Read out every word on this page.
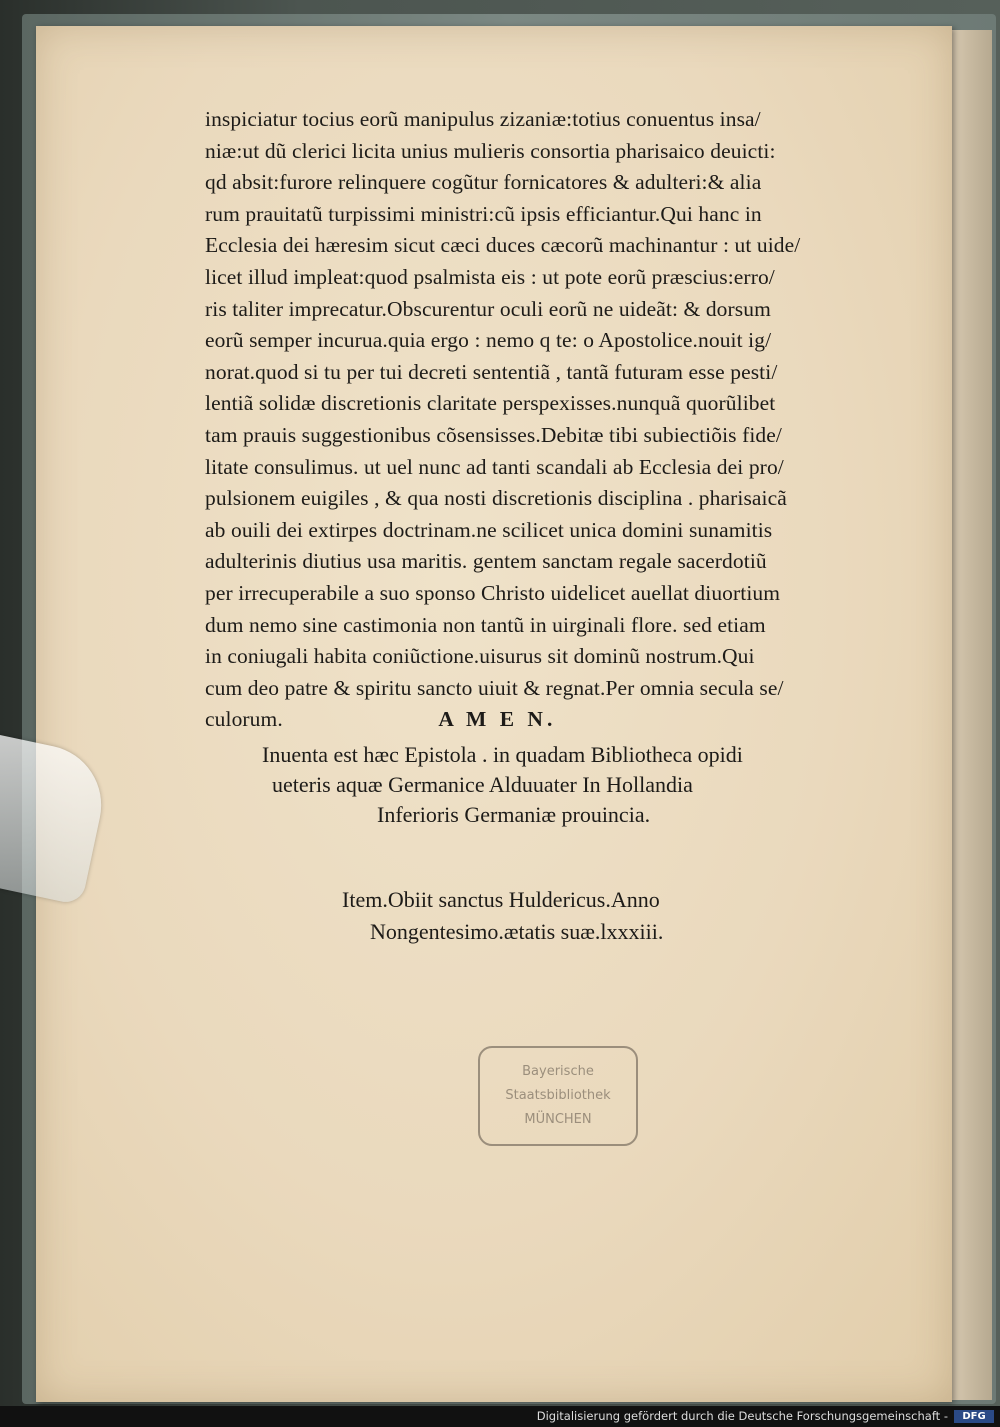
inspiciatur tocius eorũ manipulus zizaniæ:totius conuentus insa/
niæ:ut dũ clerici licita unius mulieris consortia pharisaico deuicti:
qd absit:furore relinquere cogũtur fornicatores & adulteri:& alia
rum prauitatũ turpissimi ministri:cũ ipsis efficiantur.Qui hanc in
Ecclesia dei hæresim sicut cæci duces cæcorũ machinantur : ut uide/
licet illud impleat:quod psalmista eis : ut pote eorũ præscius:erro/
ris taliter imprecatur.Obscurentur oculi eorũ ne uideãt: & dorsum
eorũ semper incurua.quia ergo : nemo q te: o Apostolice.nouit ig/
norat.quod si tu per tui decreti sententiã , tantã futuram esse pesti/
lentiã solidæ discretionis claritate perspexisses.nunquã quorũlibet
tam prauis suggestionibus cõsensisses.Debitæ tibi subiectiõis fide/
litate consulimus. ut uel nunc ad tanti scandali ab Ecclesia dei pro/
pulsionem euigiles , & qua nosti discretionis disciplina . pharisaicã
ab ouili dei extirpes doctrinam.ne scilicet unica domini sunamitis
adulterinis diutius usa maritis. gentem sanctam regale sacerdotiũ
per irrecuperabile a suo sponso Christo uidelicet auellat diuortium
dum nemo sine castimonia non tantũ in uirginali flore. sed etiam
in coniugali habita coniũctione.uisurus sit dominũ nostrum.Qui
cum deo patre & spiritu sancto uiuit & regnat.Per omnia secula se/
culorum.	A M E N.
Inuenta est hæc Epistola . in quadam Bibliotheca opidi
ueteris aquæ Germanice Alduuater In Hollandia
Inferioris Germaniæ prouincia.
Item.Obiit sanctus Huldericus.Anno
Nongentesimo.ætatis suæ.lxxxiii.
Bayerische
Staatsbibliothek
MÜNCHEN
Digitalisierung gefördert durch die Deutsche Forschungsgemeinschaft -	DFG
